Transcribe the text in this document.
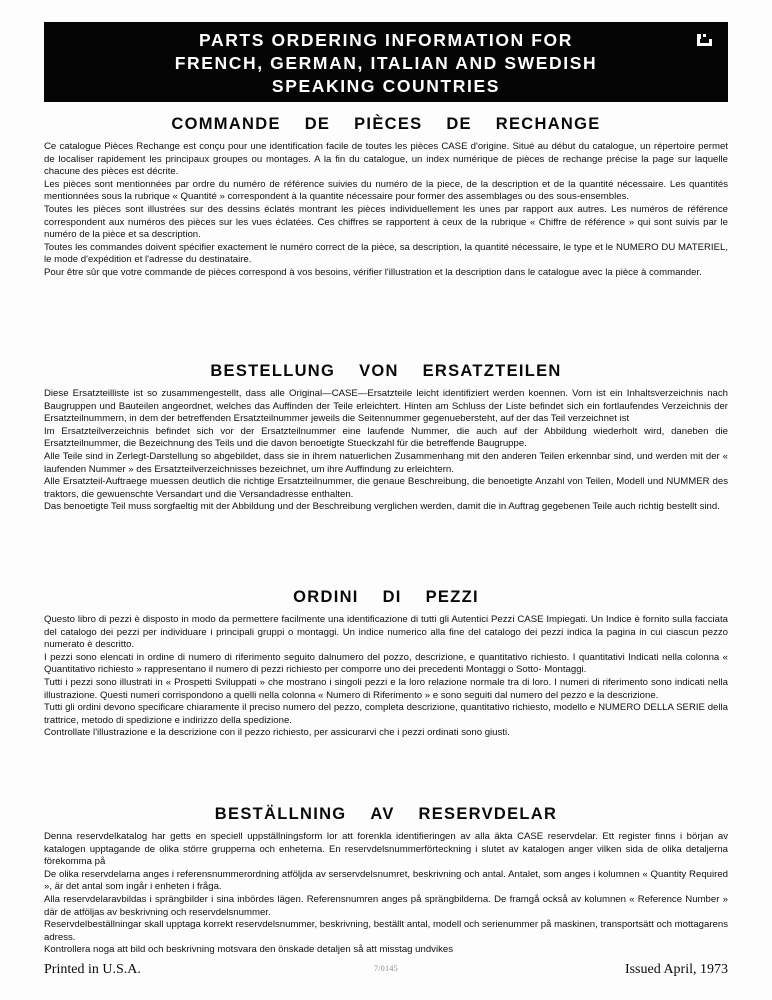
PARTS ORDERING INFORMATION FOR
FRENCH, GERMAN, ITALIAN AND SWEDISH
SPEAKING COUNTRIES
COMMANDE DE PIÈCES DE RECHANGE

Ce catalogue Pièces Rechange est conçu pour une identification facile de toutes les pièces CASE d'origine. Situé au début du catalogue, un répertoire permet de localiser rapidement les principaux groupes ou montages. A la fin du catalogue, un index numérique de pièces de rechange précise la page sur laquelle chacune des pièces est décrite.

Les pièces sont mentionnées par ordre du numéro de référence suivies du numéro de la piece, de la description et de la quantité nécessaire. Les quantités mentionnées sous la rubrique « Quantité » correspondent à la quantite nécessaire pour former des assemblages ou des sous-ensembles.

Toutes les pièces sont illustrées sur des dessins éclatés montrant les pièces individuellement les unes par rapport aux autres. Les numéros de référence correspondent aux numéros des pièces sur les vues éclatées. Ces chiffres se rapportent à ceux de la rubrique « Chiffre de référence » qui sont suivis par le numéro de la pièce et sa description.

Toutes les commandes doivent spécifier exactement le numéro correct de la pièce, sa description, la quantité nécessaire, le type et le NUMERO DU MATERIEL, le mode d'expédition et l'adresse du destinataire.

Pour être sûr que votre commande de pièces correspond à vos besoins, vérifier l'illustration et la description dans le catalogue avec la pièce à commander.

BESTELLUNG VON ERSATZTEILEN

Diese Ersatzteilliste ist so zusammengestellt, dass alle Original—CASE—Ersatzteile leicht identifiziert werden koennen. Vorn ist ein Inhaltsverzeichnis nach Baugruppen und Bauteilen angeordnet, welches das Auffinden der Teile erleichtert. Hinten am Schluss der Liste befindet sich ein fortlaufendes Verzeichnis der Ersatzteilnummern, in dem der betreffenden Ersatzteilnummer jeweils die Seitennummer gegenuebersteht, auf der das Teil verzeichnet ist

Im Ersatzteilverzeichnis befindet sich vor der Ersatzteilnummer eine laufende Nummer, die auch auf der Abbildung wiederholt wird, daneben die Ersatzteilnummer, die Bezeichnung des Teils und die davon benoetigte Stueckzahl für die betreffende Baugruppe.

Alle Teile sind in Zerlegt-Darstellung so abgebildet, dass sie in ihrem natuerlichen Zusammenhang mit den anderen Teilen erkennbar sind, und werden mit der « laufenden Nummer » des Ersatzteilverzeichnisses bezeichnet, um ihre Auffindung zu erleichtern.

Alle Ersatzteil-Auftraege muessen deutlich die richtige Ersatzteilnummer, die genaue Beschreibung, die benoetigte Anzahl von Teilen, Modell und NUMMER des traktors, die gewuenschte Versandart und die Versandadresse enthalten.

Das benoetigte Teil muss sorgfaeltig mit der Abbildung und der Beschreibung verglichen werden, damit die in Auftrag gegebenen Teile auch richtig bestellt sind.

ORDINI DI PEZZI

Questo libro di pezzi è disposto in modo da permettere facilmente una identificazione di tutti gli Autentici Pezzi CASE Impiegati. Un Indice è fornito sulla facciata del catalogo dei pezzi per individuare i principali gruppi o montaggi. Un indice numerico alla fine del catalogo dei pezzi indica la pagina in cui ciascun pezzo numerato è descritto.

I pezzi sono elencati in ordine di numero di riferimento seguito dalnumero del pozzo, descrizione, e quantitativo richiesto. I quantitativi Indicati nella colonna « Quantitativo richiesto » rappresentano il numero di pezzi richiesto per comporre uno dei precedenti Montaggi o Sotto- Montaggi.

Tutti i pezzi sono illustrati in « Prospetti Sviluppati » che mostrano i singoli pezzi e la loro relazione normale tra di loro. I numeri di riferimento sono indicati nella illustrazione. Questi numeri corrispondono a quelli nella colonna « Numero di Riferimento » e sono seguiti dal numero del pezzo e la descrizione.

Tutti gli ordini devono specificare chiaramente il preciso numero del pezzo, completa descrizione, quantitativo richiesto, modello e NUMERO DELLA SERIE della trattrice, metodo di spedizione e indirizzo della spedizione.

Controllate l'illustrazione e la descrizione con il pezzo richiesto, per assicurarvi che i pezzi ordinati sono giusti.

BESTÄLLNING AV RESERVDELAR

Denna reservdelkatalog har getts en speciell uppställningsform lor att forenkla identifieringen av alla äkta CASE reservdelar. Ett register finns i början av katalogen upptagande de olika större grupperna och enheterna. En reservdelsnummerförteckning i slutet av katalogen anger vilken sida de olika detaljerna förekomma på

De olika reservdelarna anges i referensnummerordning atföljda av serservdelsnumret, beskrivning och antal. Antalet, som anges i kolumnen « Quantity Required », är det antal som ingår i enheten i fråga.

Alla reservdelaravbildas i sprängbilder i sina inbördes lägen. Referensnumren anges på sprängbilderna. De framgå också av kolumnen « Reference Number » där de atföljas av beskrivning och reservdelsnummer.

Reservdelbeställningar skall upptaga korrekt reservdelsnummer, beskrivning, beställt antal, modell och serienummer på maskinen, transportsätt och mottagarens adress.

Kontrollera noga att bild och beskrivning motsvara den önskade detaljen så att misstag undvikes

Printed in U.S.A.	7/0145	Issued April, 1973
